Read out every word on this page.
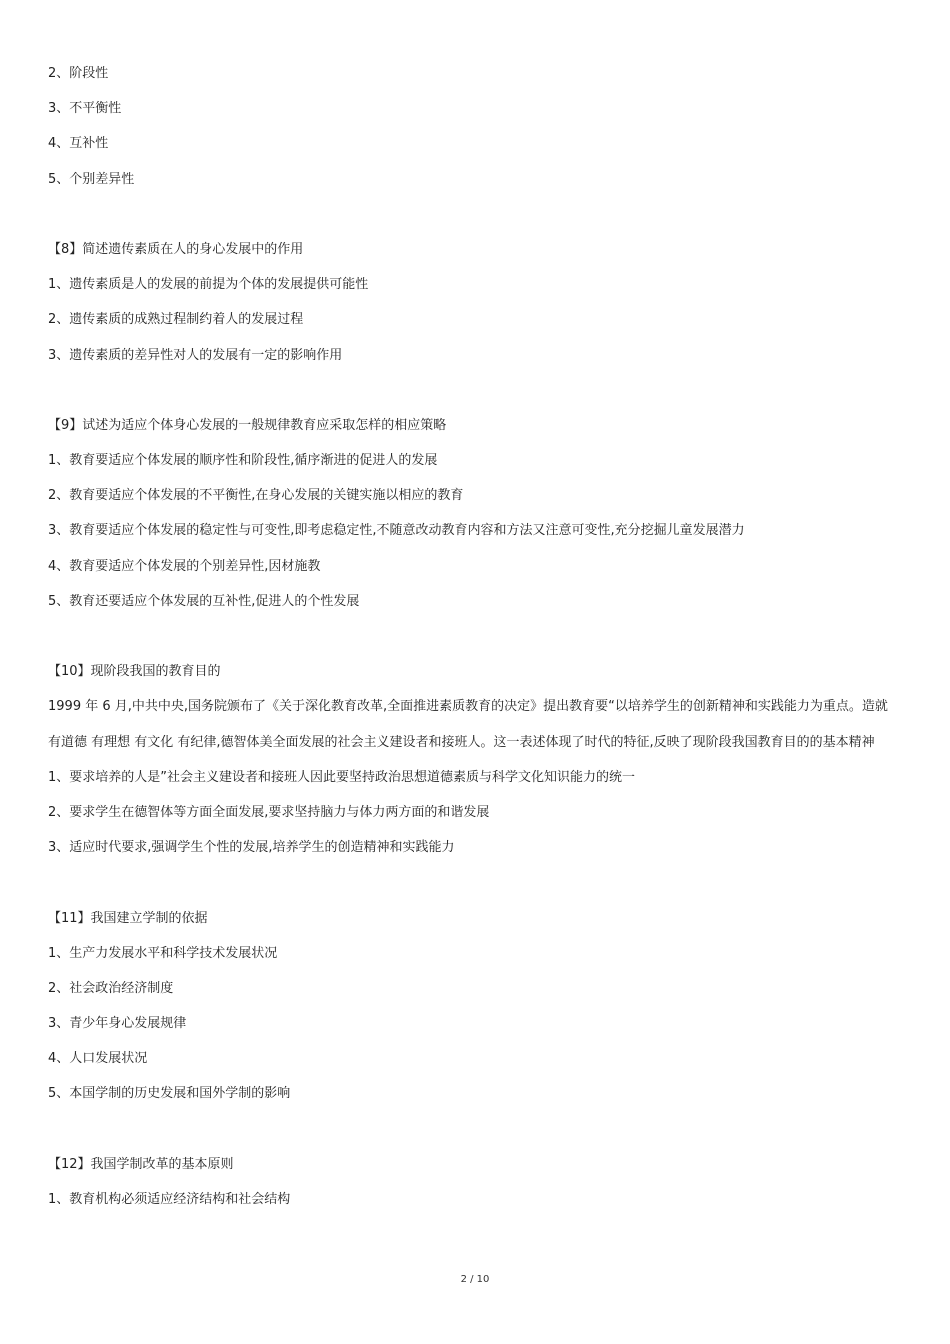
2、阶段性
3、不平衡性
4、互补性
5、个别差异性
【8】简述遗传素质在人的身心发展中的作用
1、遗传素质是人的发展的前提为个体的发展提供可能性
2、遗传素质的成熟过程制约着人的发展过程
3、遗传素质的差异性对人的发展有一定的影响作用
【9】试述为适应个体身心发展的一般规律教育应采取怎样的相应策略
1、教育要适应个体发展的顺序性和阶段性,循序渐进的促进人的发展
2、教育要适应个体发展的不平衡性,在身心发展的关键实施以相应的教育
3、教育要适应个体发展的稳定性与可变性,即考虑稳定性,不随意改动教育内容和方法又注意可变性,充分挖掘儿童发展潜力
4、教育要适应个体发展的个别差异性,因材施教
5、教育还要适应个体发展的互补性,促进人的个性发展
【10】现阶段我国的教育目的
1999 年 6 月,中共中央,国务院颁布了《关于深化教育改革,全面推进素质教育的决定》提出教育要“以培养学生的创新精神和实践能力为重点。造就有道德 有理想 有文化 有纪律,德智体美全面发展的社会主义建设者和接班人。这一表述体现了时代的特征,反映了现阶段我国教育目的的基本精神
1、要求培养的人是”社会主义建设者和接班人因此要坚持政治思想道德素质与科学文化知识能力的统一
2、要求学生在德智体等方面全面发展,要求坚持脑力与体力两方面的和谐发展
3、适应时代要求,强调学生个性的发展,培养学生的创造精神和实践能力
【11】我国建立学制的依据
1、生产力发展水平和科学技术发展状况
2、社会政治经济制度
3、青少年身心发展规律
4、人口发展状况
5、本国学制的历史发展和国外学制的影响
【12】我国学制改革的基本原则
1、教育机构必须适应经济结构和社会结构
2 / 10
